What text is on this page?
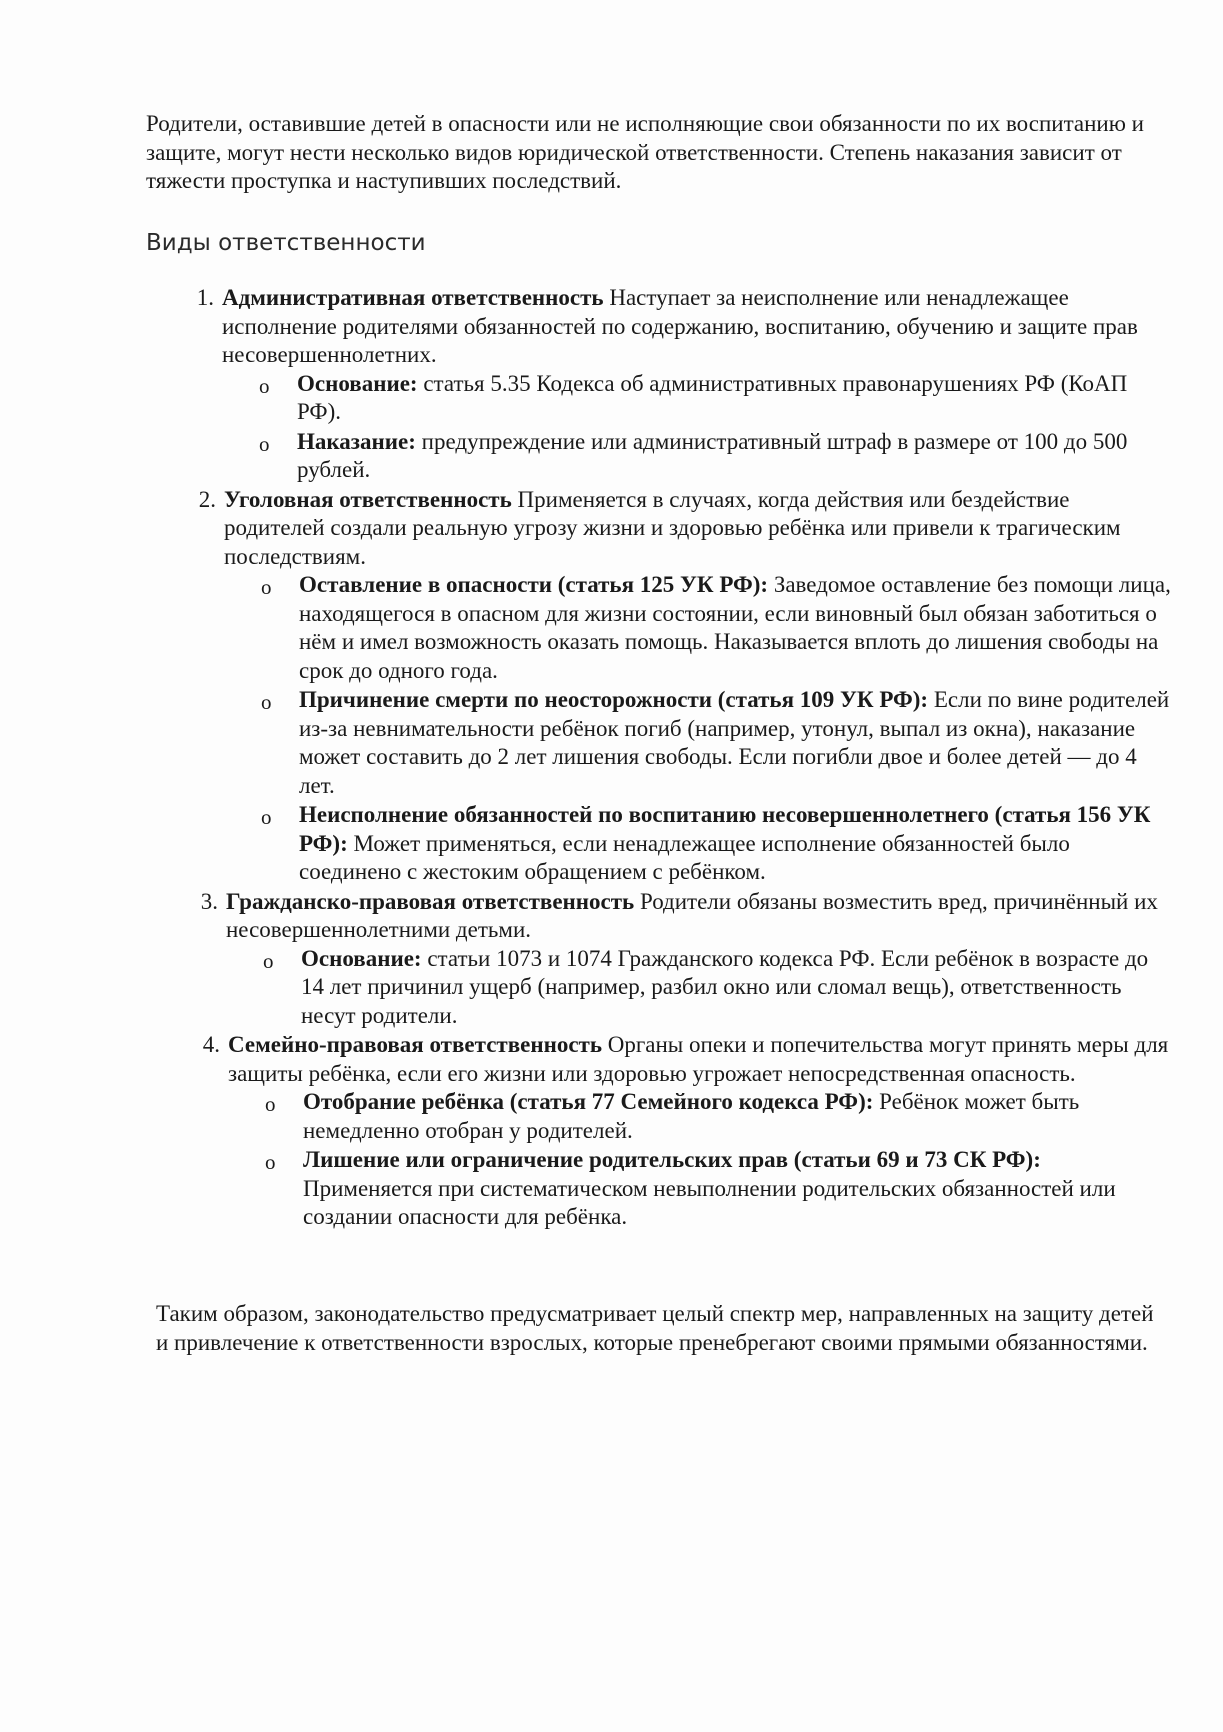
Родители, оставившие детей в опасности или не исполняющие свои обязанности по их воспитанию и защите, могут нести несколько видов юридической ответственности. Степень наказания зависит от тяжести проступка и наступивших последствий.

Виды ответственности
1. Административная ответственность Наступает за неисполнение или ненадлежащее исполнение родителями обязанностей по содержанию, воспитанию, обучению и защите прав несовершеннолетних.
o Основание: статья 5.35 Кодекса об административных правонарушениях РФ (КоАП РФ).
o Наказание: предупреждение или административный штраф в размере от 100 до 500 рублей.
2. Уголовная ответственность Применяется в случаях, когда действия или бездействие родителей создали реальную угрозу жизни и здоровью ребёнка или привели к трагическим последствиям.
o Оставление в опасности (статья 125 УК РФ): Заведомое оставление без помощи лица, находящегося в опасном для жизни состоянии, если виновный был обязан заботиться о нём и имел возможность оказать помощь. Наказывается вплоть до лишения свободы на срок до одного года.
o Причинение смерти по неосторожности (статья 109 УК РФ): Если по вине родителей из-за невнимательности ребёнок погиб (например, утонул, выпал из окна), наказание может составить до 2 лет лишения свободы. Если погибли двое и более детей — до 4 лет.
o Неисполнение обязанностей по воспитанию несовершеннолетнего (статья 156 УК РФ): Может применяться, если ненадлежащее исполнение обязанностей было соединено с жестоким обращением с ребёнком.
3. Гражданско-правовая ответственность Родители обязаны возместить вред, причинённый их несовершеннолетними детьми.
o Основание: статьи 1073 и 1074 Гражданского кодекса РФ. Если ребёнок в возрасте до 14 лет причинил ущерб (например, разбил окно или сломал вещь), ответственность несут родители.
4. Семейно-правовая ответственность Органы опеки и попечительства могут принять меры для защиты ребёнка, если его жизни или здоровью угрожает непосредственная опасность.
o Отобрание ребёнка (статья 77 Семейного кодекса РФ): Ребёнок может быть немедленно отобран у родителей.
o Лишение или ограничение родительских прав (статьи 69 и 73 СК РФ): Применяется при систематическом невыполнении родительских обязанностей или создании опасности для ребёнка.

Таким образом, законодательство предусматривает целый спектр мер, направленных на защиту детей и привлечение к ответственности взрослых, которые пренебрегают своими прямыми обязанностями.
